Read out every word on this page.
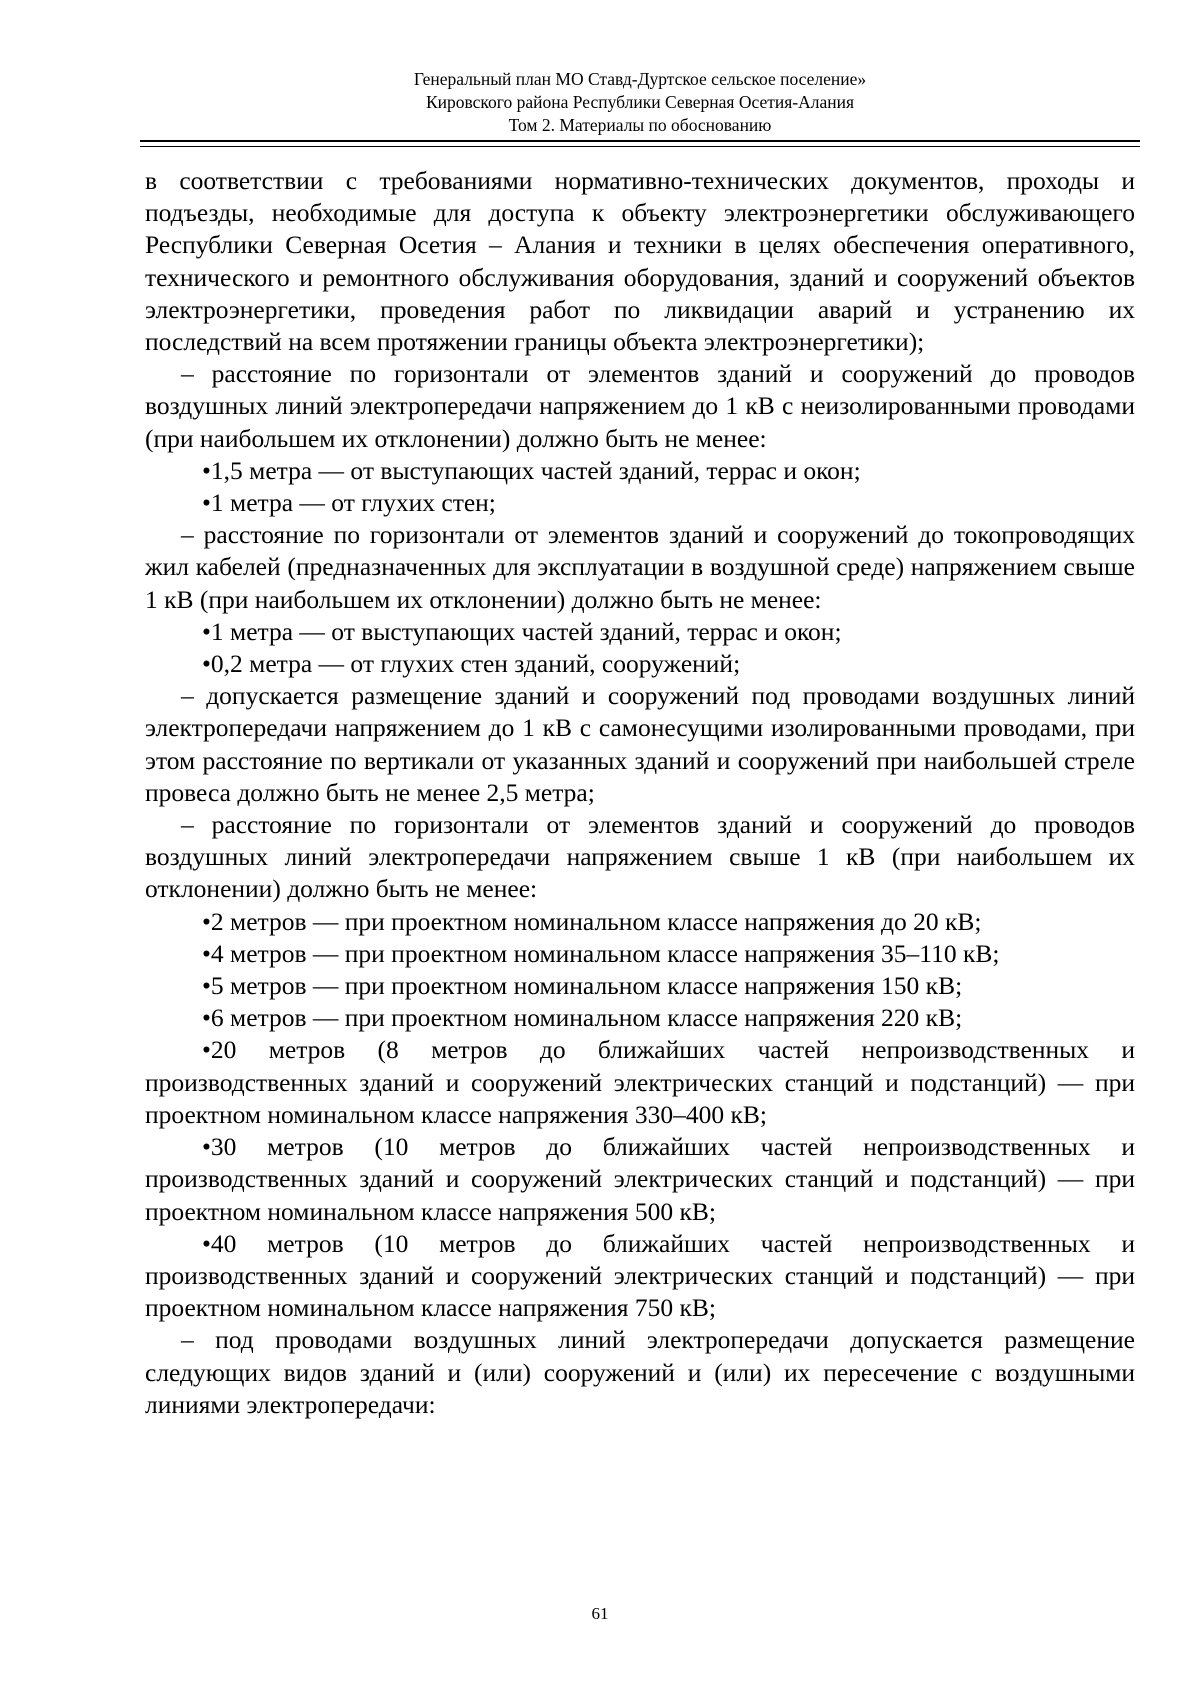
Генеральный план МО Ставд-Дуртское сельское поселение»
Кировского района Республики Северная Осетия-Алания
Том 2. Материалы по обоснованию

в соответствии с требованиями нормативно-технических документов, проходы и подъезды, необходимые для доступа к объекту электроэнергетики обслуживающего Республики Северная Осетия – Алания и техники в целях обеспечения оперативного, технического и ремонтного обслуживания оборудования, зданий и сооружений объектов электроэнергетики, проведения работ по ликвидации аварий и устранению их последствий на всем протяжении границы объекта электроэнергетики);

– расстояние по горизонтали от элементов зданий и сооружений до проводов воздушных линий электропередачи напряжением до 1 кВ с неизолированными проводами (при наибольшем их отклонении) должно быть не менее:

•1,5 метра — от выступающих частей зданий, террас и окон;

•1 метра — от глухих стен;

– расстояние по горизонтали от элементов зданий и сооружений до токопроводящих жил кабелей (предназначенных для эксплуатации в воздушной среде) напряжением свыше 1 кВ (при наибольшем их отклонении) должно быть не менее:

•1 метра — от выступающих частей зданий, террас и окон;

•0,2 метра — от глухих стен зданий, сооружений;

– допускается размещение зданий и сооружений под проводами воздушных линий электропередачи напряжением до 1 кВ с самонесущими изолированными проводами, при этом расстояние по вертикали от указанных зданий и сооружений при наибольшей стреле провеса должно быть не менее 2,5 метра;

– расстояние по горизонтали от элементов зданий и сооружений до проводов воздушных линий электропередачи напряжением свыше 1 кВ (при наибольшем их отклонении) должно быть не менее:

•2 метров — при проектном номинальном классе напряжения до 20 кВ;

•4 метров — при проектном номинальном классе напряжения 35–110 кВ;

•5 метров — при проектном номинальном классе напряжения 150 кВ;

•6 метров — при проектном номинальном классе напряжения 220 кВ;

•20 метров (8 метров до ближайших частей непроизводственных и производственных зданий и сооружений электрических станций и подстанций) — при проектном номинальном классе напряжения 330–400 кВ;

•30 метров (10 метров до ближайших частей непроизводственных и производственных зданий и сооружений электрических станций и подстанций) — при проектном номинальном классе напряжения 500 кВ;

•40 метров (10 метров до ближайших частей непроизводственных и производственных зданий и сооружений электрических станций и подстанций) — при проектном номинальном классе напряжения 750 кВ;

– под проводами воздушных линий электропередачи допускается размещение следующих видов зданий и (или) сооружений и (или) их пересечение с воздушными линиями электропередачи:

61
